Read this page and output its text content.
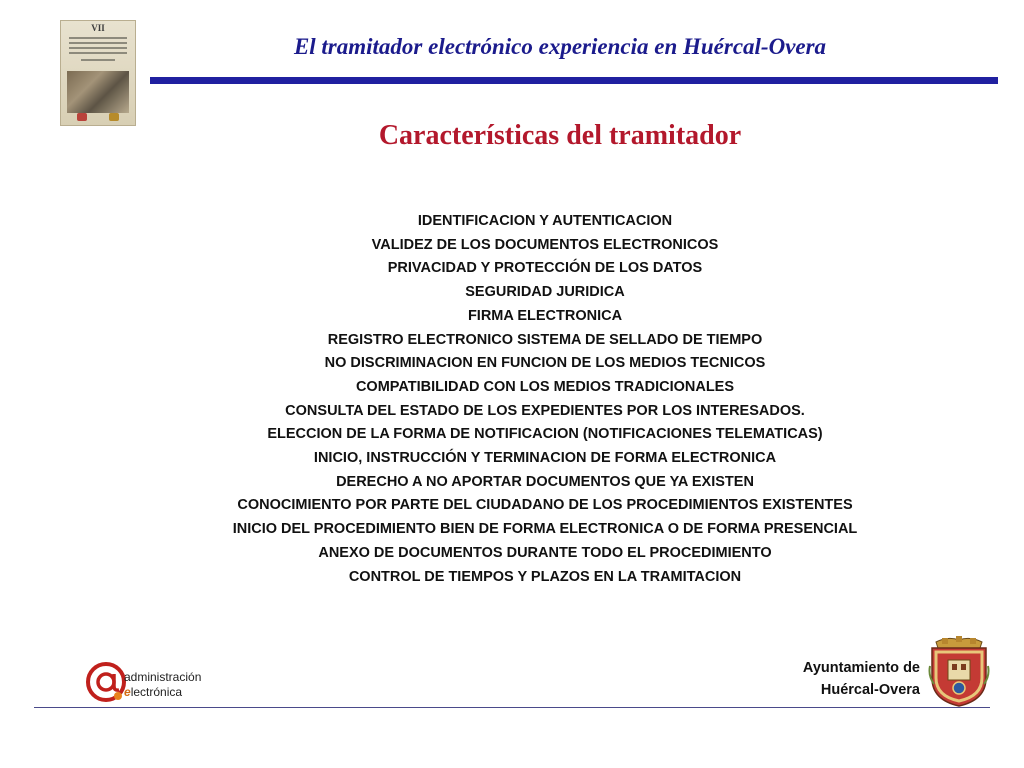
VII
El tramitador electrónico experiencia en Huércal-Overa
Características del tramitador
IDENTIFICACION Y AUTENTICACION
VALIDEZ DE LOS DOCUMENTOS ELECTRONICOS
PRIVACIDAD Y PROTECCIÓN DE LOS DATOS
SEGURIDAD JURIDICA
FIRMA ELECTRONICA
REGISTRO ELECTRONICO SISTEMA DE SELLADO DE TIEMPO
NO DISCRIMINACION EN FUNCION DE LOS MEDIOS TECNICOS
COMPATIBILIDAD CON LOS MEDIOS TRADICIONALES
CONSULTA DEL ESTADO DE LOS EXPEDIENTES POR LOS INTERESADOS.
ELECCION DE LA FORMA DE NOTIFICACION (NOTIFICACIONES TELEMATICAS)
INICIO, INSTRUCCIÓN Y TERMINACION DE FORMA ELECTRONICA
DERECHO A NO APORTAR DOCUMENTOS QUE YA EXISTEN
CONOCIMIENTO POR PARTE DEL CIUDADANO DE LOS PROCEDIMIENTOS EXISTENTES
INICIO DEL PROCEDIMIENTO BIEN DE FORMA ELECTRONICA O DE FORMA PRESENCIAL
ANEXO DE DOCUMENTOS DURANTE TODO EL PROCEDIMIENTO
CONTROL DE TIEMPOS Y PLAZOS EN LA TRAMITACION
administración
electrónica
Ayuntamiento de
Huércal-Overa
